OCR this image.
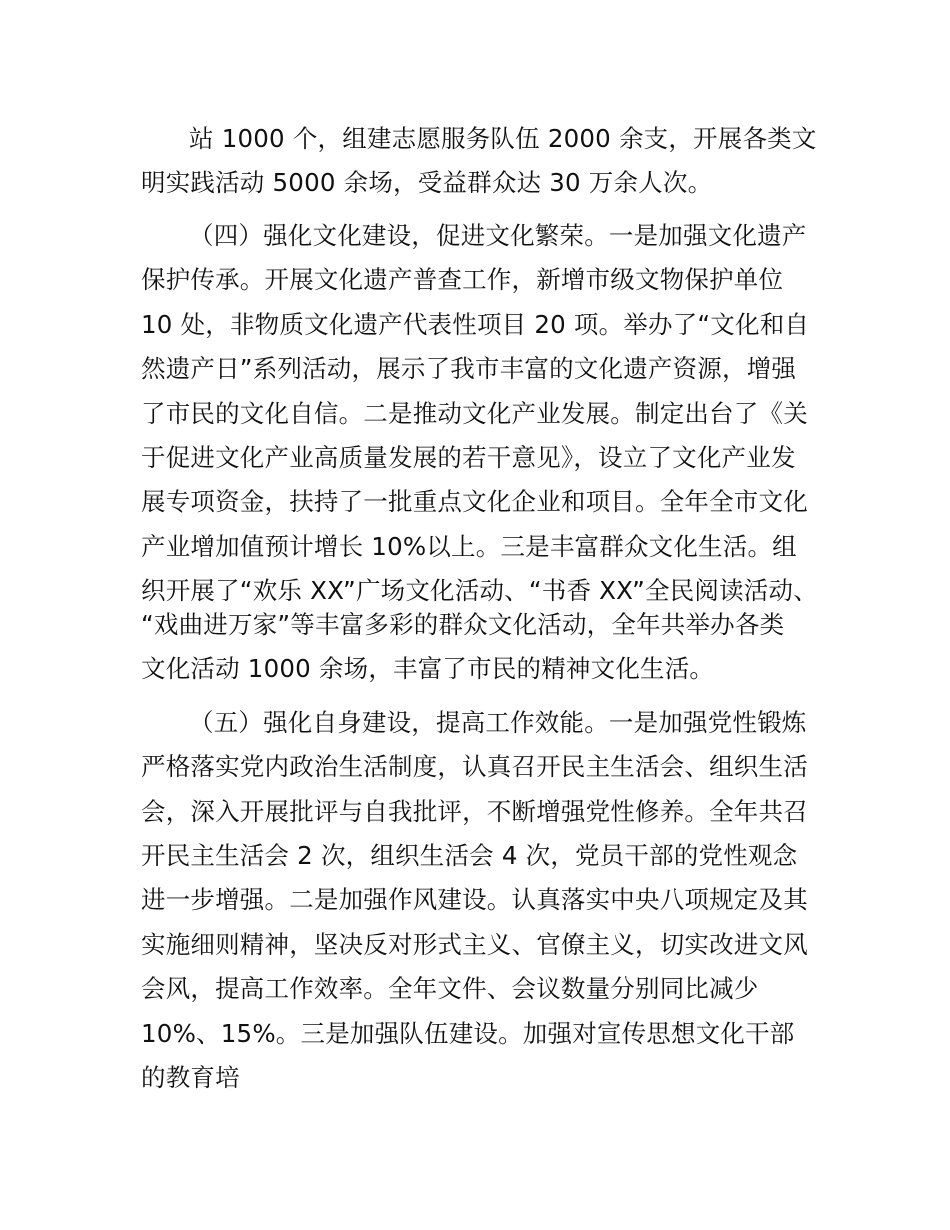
站 1000 个，组建志愿服务队伍 2000 余支，开展各类文
明实践活动 5000 余场，受益群众达 30 万余人次。
（四）强化文化建设，促进文化繁荣。一是加强文化遗产
保护传承。开展文化遗产普查工作，新增市级文物保护单位
10 处，非物质文化遗产代表性项目 20 项。举办了“文化和自
然遗产日”系列活动，展示了我市丰富的文化遗产资源，增强
了市民的文化自信。二是推动文化产业发展。制定出台了《关
于促进文化产业高质量发展的若干意见》，设立了文化产业发
展专项资金，扶持了一批重点文化企业和项目。全年全市文化
产业增加值预计增长 10%以上。三是丰富群众文化生活。组
织开展了“欢乐 XX”广场文化活动、“书香 XX”全民阅读活动、
“戏曲进万家”等丰富多彩的群众文化活动，全年共举办各类
文化活动 1000 余场，丰富了市民的精神文化生活。
（五）强化自身建设，提高工作效能。一是加强党性锻炼
严格落实党内政治生活制度，认真召开民主生活会、组织生活
会，深入开展批评与自我批评，不断增强党性修养。全年共召
开民主生活会 2 次，组织生活会 4 次，党员干部的党性观念
进一步增强。二是加强作风建设。认真落实中央八项规定及其
实施细则精神，坚决反对形式主义、官僚主义，切实改进文风
会风，提高工作效率。全年文件、会议数量分别同比减少
10%、15%。三是加强队伍建设。加强对宣传思想文化干部
的教育培
